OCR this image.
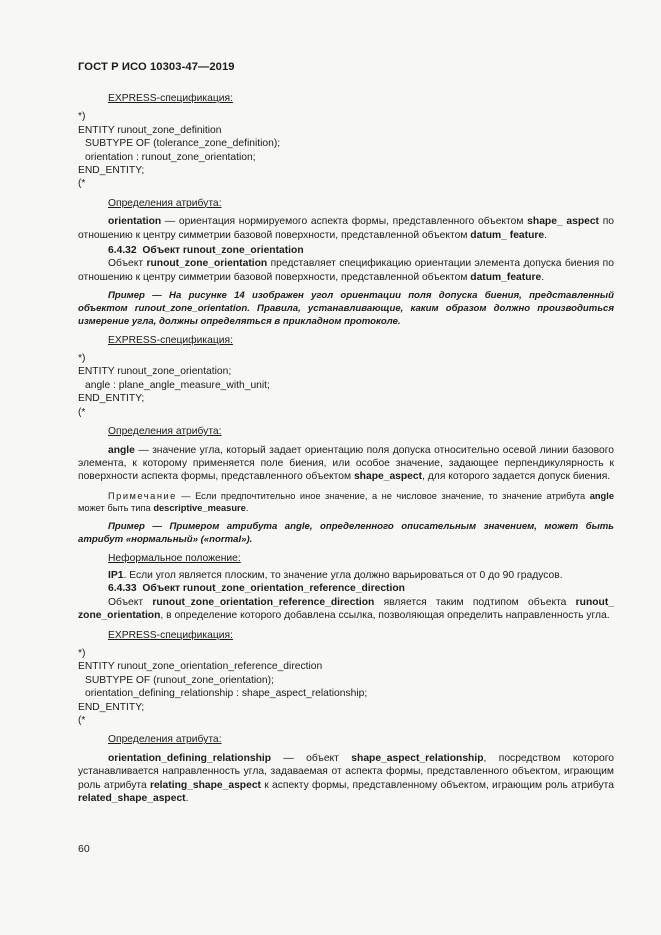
ГОСТ Р ИСО 10303-47—2019

EXPRESS-спецификация:

*)
ENTITY runout_zone_definition
SUBTYPE OF (tolerance_zone_definition);
orientation : runout_zone_orientation;
END_ENTITY;
(*

Определения атрибута:

orientation — ориентация нормируемого аспекта формы, представленного объектом shape_ aspect по отношению к центру симметрии базовой поверхности, представленной объектом datum_ feature.

6.4.32 Объект runout_zone_orientation

Объект runout_zone_orientation представляет спецификацию ориентации элемента допуска биения по отношению к центру симметрии базовой поверхности, представленной объектом datum_feature.

Пример — На рисунке 14 изображен угол ориентации поля допуска биения, представленный объектом runout_zone_orientation. Правила, устанавливающие, каким образом должно производиться измерение угла, должны определяться в прикладном протоколе.

EXPRESS-спецификация:

*)
ENTITY runout_zone_orientation;
angle : plane_angle_measure_with_unit;
END_ENTITY;
(*

Определения атрибута:

angle — значение угла, который задает ориентацию поля допуска относительно осевой линии базового элемента, к которому применяется поле биения, или особое значение, задающее перпендикулярность к поверхности аспекта формы, представленного объектом shape_aspect, для которого задается допуск биения.

Примечание — Если предпочтительно иное значение, а не числовое значение, то значение атрибута angle может быть типа descriptive_measure.

Пример — Примером атрибута angle, определенного описательным значением, может быть атрибут «нормальный» («normal»).

Неформальное положение:

IP1. Если угол является плоским, то значение угла должно варьироваться от 0 до 90 градусов.

6.4.33 Объект runout_zone_orientation_reference_direction

Объект runout_zone_orientation_reference_direction является таким подтипом объекта runout_ zone_orientation, в определение которого добавлена ссылка, позволяющая определить направленность угла.

EXPRESS-спецификация:

*)
ENTITY runout_zone_orientation_reference_direction
SUBTYPE OF (runout_zone_orientation);
orientation_defining_relationship : shape_aspect_relationship;
END_ENTITY;
(*

Определения атрибута:

orientation_defining_relationship — объект shape_aspect_relationship, посредством которого устанавливается направленность угла, задаваемая от аспекта формы, представленного объектом, играющим роль атрибута relating_shape_aspect к аспекту формы, представленному объектом, играющим роль атрибута related_shape_aspect.

60
